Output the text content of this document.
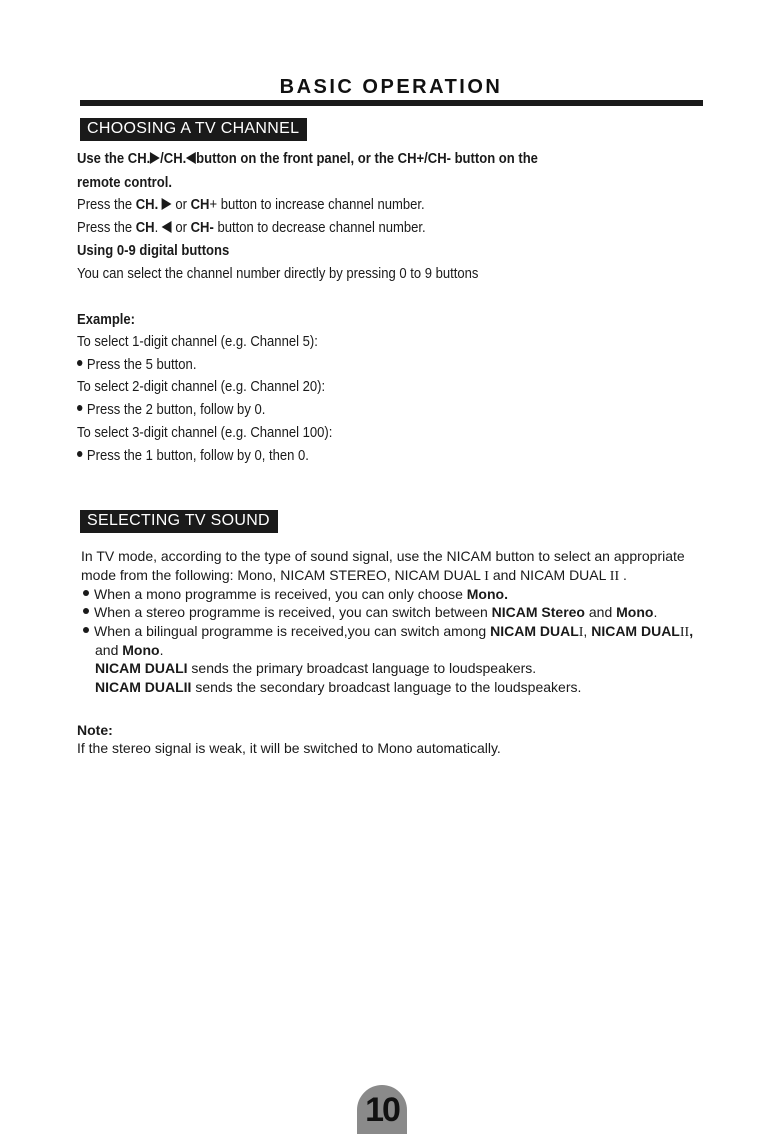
BASIC OPERATION
CHOOSING A TV CHANNEL
Use the CH. /CH. button on the front panel, or the CH+/CH- button on the
remote control.
Press the CH.  or CH+ button to increase channel number.
Press the CH.  or CH- button to decrease channel number.
Using 0-9 digital buttons
You can select the channel number directly by pressing 0 to 9 buttons
Example:
To select 1-digit channel (e.g. Channel 5):
Press the 5 button.
To select 2-digit channel (e.g. Channel 20):
Press the 2 button, follow by 0.
To select 3-digit channel (e.g. Channel 100):
Press the 1 button, follow by 0, then 0.
SELECTING TV SOUND
In TV mode, according to the type of sound signal, use the NICAM button to select an appropriate
mode from the following: Mono, NICAM STEREO, NICAM DUAL I and NICAM DUAL II .
When a mono programme is received, you can only choose Mono.
When a stereo programme is received, you can switch between NICAM Stereo and Mono.
When a bilingual programme is received,you can switch among NICAM DUALI, NICAM DUALII,
and Mono.
NICAM DUALI sends the primary broadcast language to loudspeakers.
NICAM DUALII sends the secondary broadcast language to the loudspeakers.
Note:
If the stereo signal is weak, it will be switched to Mono automatically.
10
